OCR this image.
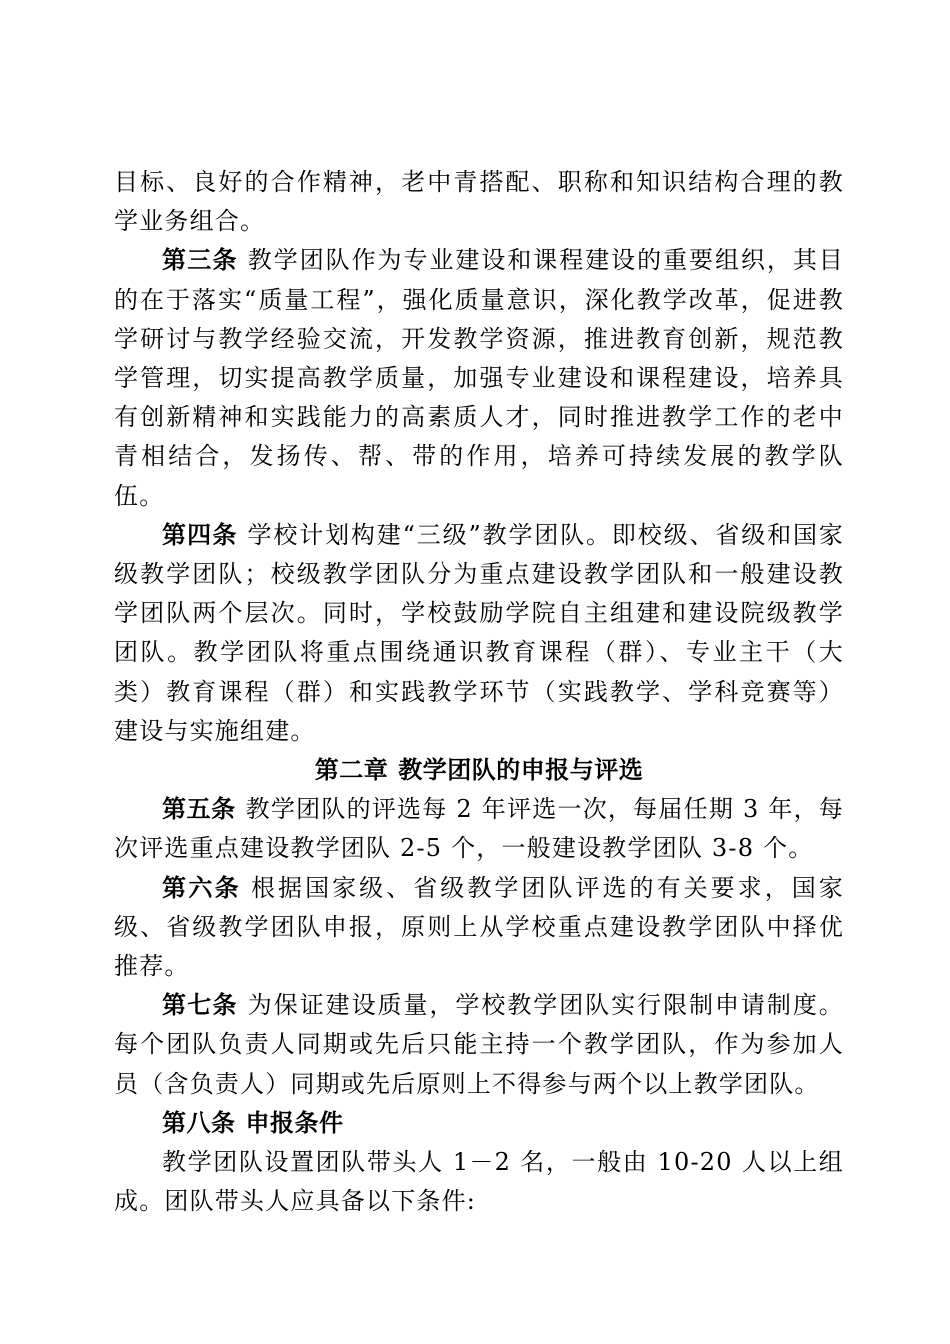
目标、良好的合作精神，老中青搭配、职称和知识结构合理的教学业务组合。

第三条 教学团队作为专业建设和课程建设的重要组织，其目的在于落实“质量工程”，强化质量意识，深化教学改革，促进教学研讨与教学经验交流，开发教学资源，推进教育创新，规范教学管理，切实提高教学质量，加强专业建设和课程建设，培养具有创新精神和实践能力的高素质人才，同时推进教学工作的老中青相结合，发扬传、帮、带的作用，培养可持续发展的教学队伍。

第四条 学校计划构建“三级”教学团队。即校级、省级和国家级教学团队；校级教学团队分为重点建设教学团队和一般建设教学团队两个层次。同时，学校鼓励学院自主组建和建设院级教学团队。教学团队将重点围绕通识教育课程（群）、专业主干（大类）教育课程（群）和实践教学环节（实践教学、学科竞赛等）建设与实施组建。

第二章 教学团队的申报与评选

第五条 教学团队的评选每 2 年评选一次，每届任期 3 年，每次评选重点建设教学团队 2-5 个，一般建设教学团队 3-8 个。

第六条 根据国家级、省级教学团队评选的有关要求，国家级、省级教学团队申报，原则上从学校重点建设教学团队中择优推荐。

第七条 为保证建设质量，学校教学团队实行限制申请制度。每个团队负责人同期或先后只能主持一个教学团队，作为参加人员（含负责人）同期或先后原则上不得参与两个以上教学团队。

第八条 申报条件

教学团队设置团队带头人 1－2 名，一般由 10-20 人以上组成。团队带头人应具备以下条件:
